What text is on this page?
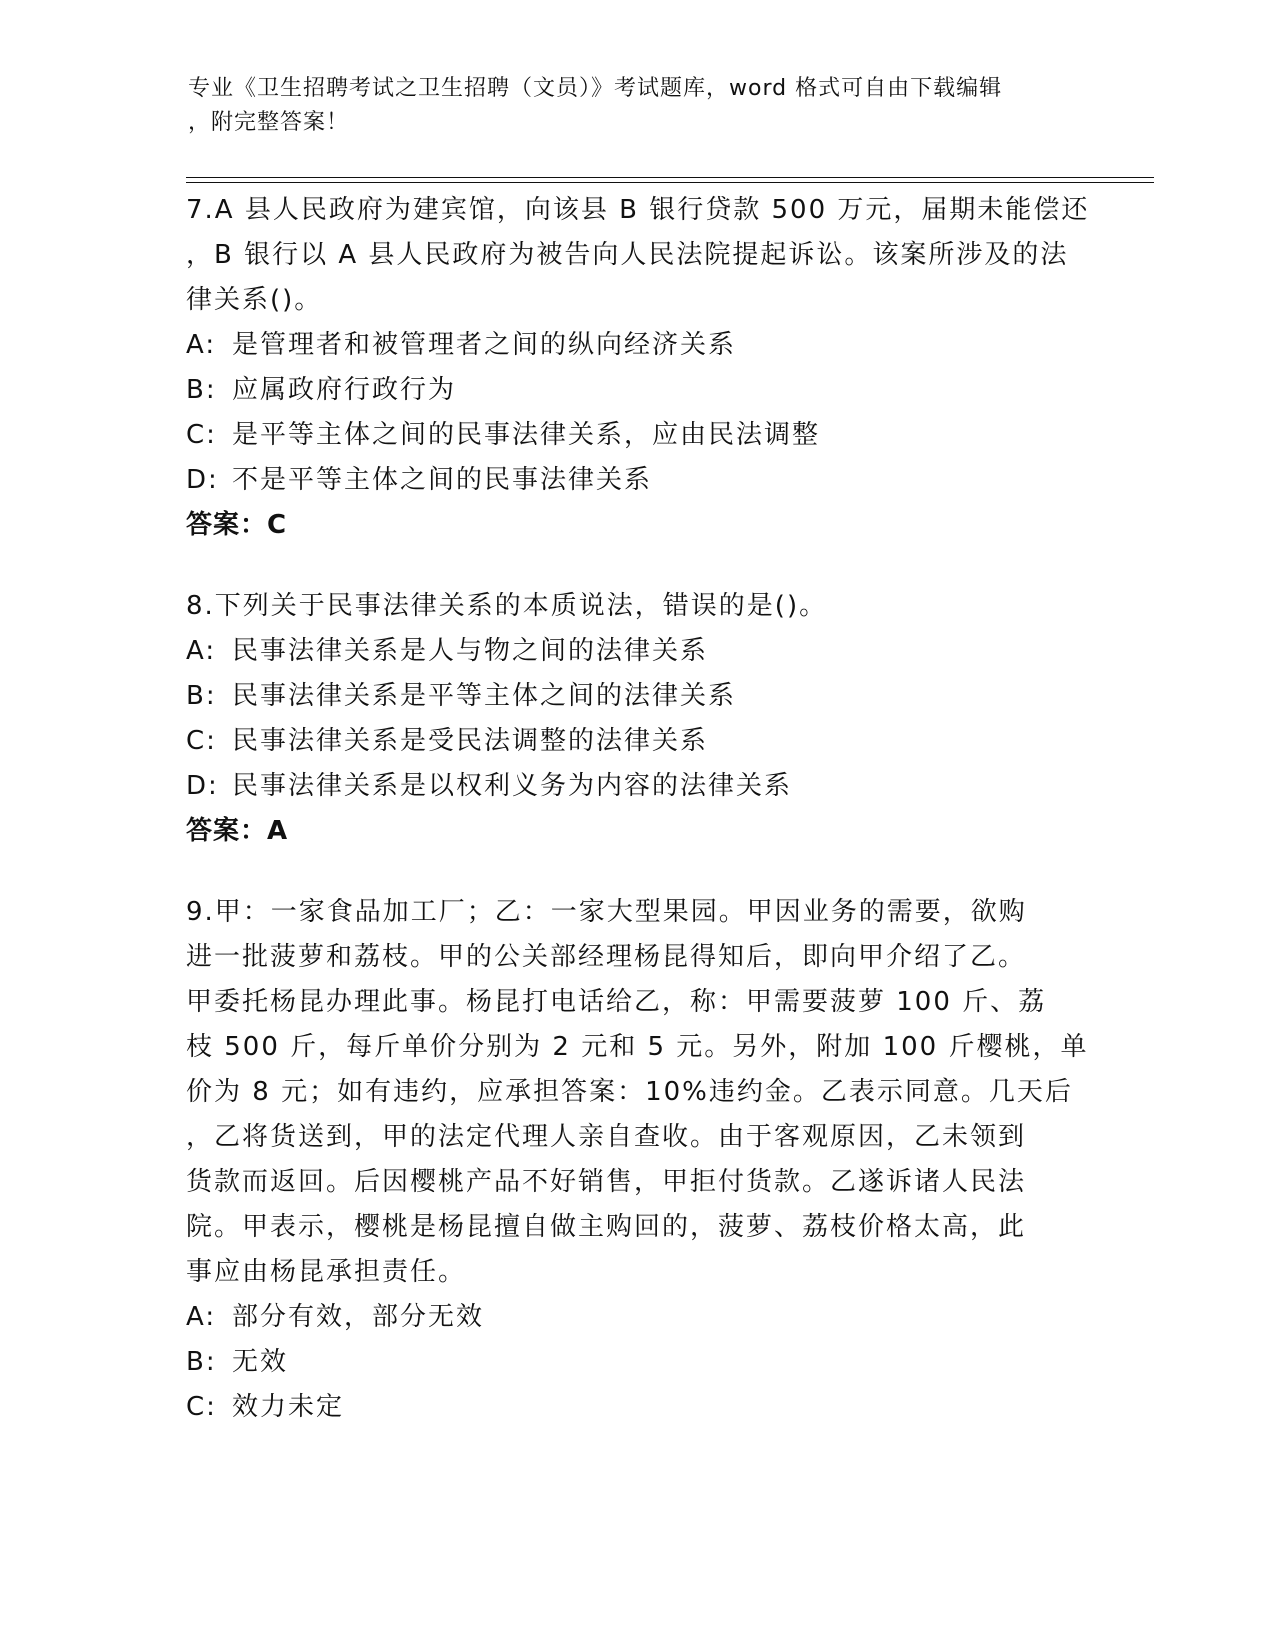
专业《卫生招聘考试之卫生招聘（文员）》考试题库，word 格式可自由下载编辑
，附完整答案！
7.A 县人民政府为建宾馆，向该县 B 银行贷款 500 万元，届期未能偿还
，B 银行以 A 县人民政府为被告向人民法院提起诉讼。该案所涉及的法
律关系()。
A: 是管理者和被管理者之间的纵向经济关系
B: 应属政府行政行为
C: 是平等主体之间的民事法律关系，应由民法调整
D: 不是平等主体之间的民事法律关系
答案：C
8.下列关于民事法律关系的本质说法，错误的是()。
A: 民事法律关系是人与物之间的法律关系
B: 民事法律关系是平等主体之间的法律关系
C: 民事法律关系是受民法调整的法律关系
D: 民事法律关系是以权利义务为内容的法律关系
答案：A
9.甲：一家食品加工厂；乙：一家大型果园。甲因业务的需要，欲购
进一批菠萝和荔枝。甲的公关部经理杨昆得知后，即向甲介绍了乙。
甲委托杨昆办理此事。杨昆打电话给乙，称：甲需要菠萝 100 斤、荔
枝 500 斤，每斤单价分别为 2 元和 5 元。另外，附加 100 斤樱桃，单
价为 8 元；如有违约，应承担答案：10%违约金。乙表示同意。几天后
，乙将货送到，甲的法定代理人亲自查收。由于客观原因，乙未领到
货款而返回。后因樱桃产品不好销售，甲拒付货款。乙遂诉诸人民法
院。甲表示，樱桃是杨昆擅自做主购回的，菠萝、荔枝价格太高，此
事应由杨昆承担责任。
A: 部分有效，部分无效
B: 无效
C: 效力未定
